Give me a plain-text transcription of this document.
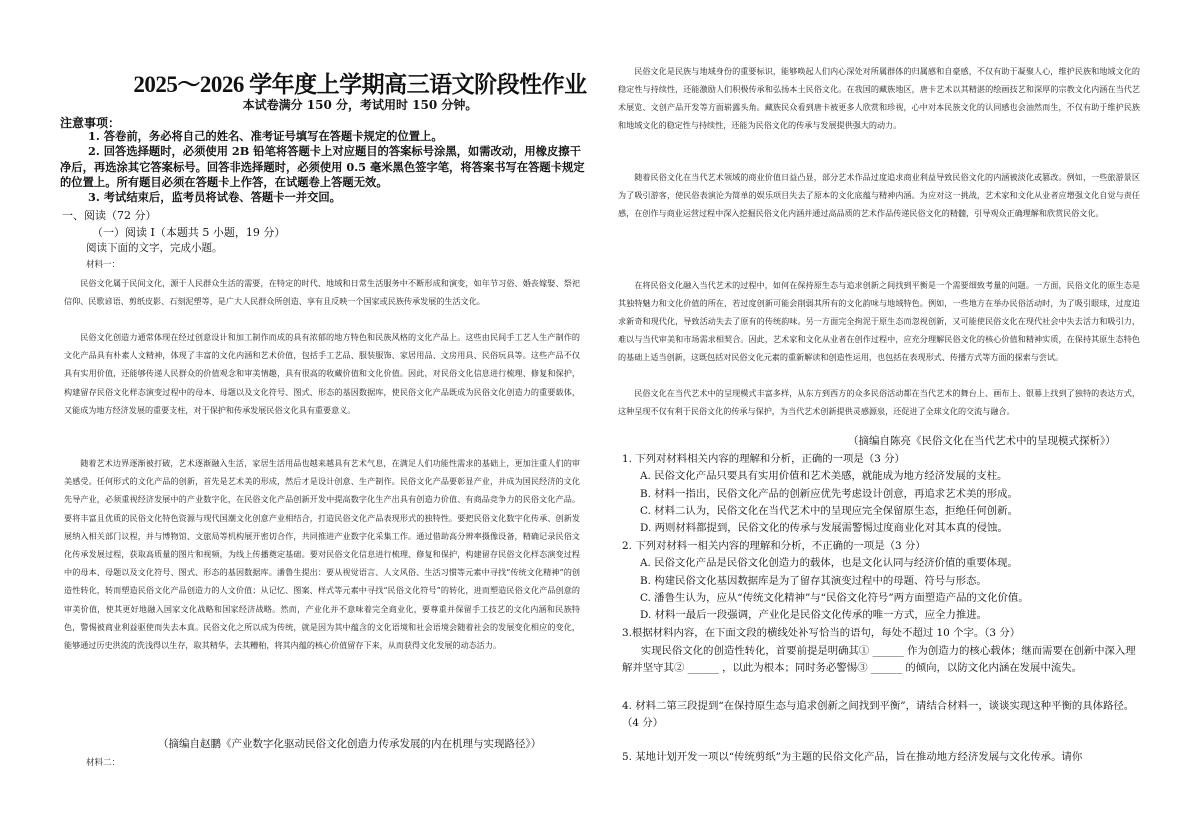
2025～2026 学年度上学期高三语文阶段性作业
本试卷满分 150 分，考试用时 150 分钟。
注意事项：
1. 答卷前，务必将自己的姓名、准考证号填写在答题卡规定的位置上。
2. 回答选择题时，必须使用 2B 铅笔将答题卡上对应题目的答案标号涂黑，如需改动，用橡皮擦干净后，再选涂其它答案标号。回答非选择题时，必须使用 0.5 毫米黑色签字笔，将答案书写在答题卡规定的位置上。所有题目必须在答题卡上作答，在试题卷上答题无效。
3. 考试结束后，监考员将试卷、答题卡一并交回。
一、阅读（72 分）
（一）阅读 I（本题共 5 小题，19 分）
阅读下面的文字，完成小题。
材料一：
民俗文化属于民间文化，源于人民群众生活的需要，在特定的时代、地域和日常生活服务中不断形成和演变，如年节习俗、婚丧嫁娶、祭祀信仰、民歌谚语、剪纸皮影、石刻泥塑等，是广大人民群众所创造、享有且反映一个国家或民族传承发展的生活文化。
民俗文化创造力通常体现在经过创意设计和加工制作而成的具有浓郁的地方特色和民族风格的文化产品上。这些由民间手工艺人生产制作的文化产品具有朴素人文精神，体现了丰富的文化内涵和艺术价值，包括手工艺品、服装服饰、家居用品、文房用具、民俗玩具等。这些产品不仅具有实用价值，还能够传递人民群众的价值观念和审美情趣，具有很高的收藏价值和文化价值。因此，对民俗文化信息进行梳理、修复和保护，构建留存民俗文化样态演变过程中的母本、母题以及文化符号、图式、形态的基因数据库，使民俗文化产品既成为民俗文化创造力的重要载体，又能成为地方经济发展的重要支柱，对于保护和传承发展民俗文化具有重要意义。
随着艺术边界逐渐被打破，艺术逐渐融入生活，家居生活用品也越来越具有艺术气息，在满足人们功能性需求的基础上，更加注重人们的审美感受。任何形式的文化产品的创新，首先是艺术美的形成，然后才是设计创意、生产制作。民俗文化产品要彰显产业，并成为国民经济的文化先导产业，必须重视经济发展中的产业数字化，在民俗文化产品创新开发中提高数字化生产出具有创造力价值、有商品竞争力的民俗文化产品。要将丰富且优质的民俗文化特色资源与现代国潮文化创意产业相结合，打造民俗文化产品表现形式的独特性。要把民俗文化数字化传承、创新发展纳入相关部门议程，并与博物馆、文旅局等机构展开密切合作，共同推进产业数字化采集工作。通过借助高分辨率摄像设备，精确记录民俗文化传承发展过程，获取高质量的图片和视频，为线上传播奠定基础。要对民俗文化信息进行梳理、修复和保护，构建留存民俗文化样态演变过程中的母本、母题以及文化符号、图式、形态的基因数据库。潘鲁生提出：要从视觉语言、人文风俗、生活习惯等元素中寻找“传统文化精神”的创造性转化，转而塑造民俗文化产品创造力的人文价值；从记忆、图案、样式等元素中寻找“民俗文化符号”的转化，进而塑造民俗文化产品创意的审美价值，使其更好地融入国家文化战略和国家经济战略。然而，产业化并不意味着完全商业化，要尊重并保留手工技艺的文化内涵和民族特色，警惕被商业利益驱使而失去本真。民俗文化之所以成为传统，就是因为其中蕴含的文化语境和社会语境会随着社会的发展变化相应的变化，能够通过历史洪流的洗浅得以生存，取其精华，去其糟粕，将其内蕴的核心价值留存下来，从而获得文化发展的动态活力。
（摘编自赵鹏《产业数字化驱动民俗文化创造力传承发展的内在机理与实现路径》）
材料二：
民俗文化是民族与地域身份的重要标识，能够唤起人们内心深处对所属群体的归属感和自豪感，不仅有助于凝聚人心，维护民族和地域文化的稳定性与持续性，还能激励人们积极传承和弘扬本土民俗文化。在我国的藏族地区，唐卡艺术以其精湛的绘画技艺和深厚的宗教文化内涵在当代艺术展览、文创产品开发等方面崭露头角。藏族民众看到唐卡被更多人欣赏和珍视，心中对本民族文化的认同感也会油然而生，不仅有助于维护民族和地域文化的稳定性与持续性，还能为民俗文化的传承与发展提供强大的动力。
随着民俗文化在当代艺术领域的商业价值日益凸显，部分艺术作品过度追求商业利益导致民俗文化的内涵被淡化或篡改。例如，一些旅游景区为了吸引游客，使民俗表演沦为简单的娱乐项目失去了原本的文化底蕴与精神内涵。为应对这一挑战，艺术家和文化从业者应增强文化自觉与责任感，在创作与商业运营过程中深入挖掘民俗文化内涵并通过高品质的艺术作品传递民俗文化的精髓，引导观众正确理解和欣赏民俗文化。
在将民俗文化融入当代艺术的过程中，如何在保持原生态与追求创新之间找到平衡是一个需要细致考量的问题。一方面，民俗文化的原生态是其独特魅力和文化价值的所在，若过度创新可能会削弱其所有的文化韵味与地域特色。例如，一些地方在举办民俗活动时，为了吸引眼球，过度追求新奇和现代化，导致活动失去了原有的传统韵味。另一方面完全拘泥于原生态而忽视创新，又可能使民俗文化在现代社会中失去活力和吸引力，难以与当代审美和市场需求相契合。因此，艺术家和文化从业者在创作过程中，应充分理解民俗文化的核心价值和精神实质，在保持其原生态特色的基础上适当创新，这既包括对民俗文化元素的重新解读和创造性运用，也包括在表现形式、传播方式等方面的探索与尝试。
民俗文化在当代艺术中的呈现模式丰富多样，从东方到西方的众多民俗活动都在当代艺术的舞台上、画布上、银幕上找到了独特的表达方式，这种呈现不仅有利于民俗文化的传承与保护，为当代艺术创新提供灵感源泉，还促进了全球文化的交流与融合。
（摘编自陈亮《民俗文化在当代艺术中的呈现模式探析》）
1. 下列对材料相关内容的理解和分析，正确的一项是（3 分）
A. 民俗文化产品只要具有实用价值和艺术美感，就能成为地方经济发展的支柱。
B. 材料一指出，民俗文化产品的创新应优先考虑设计创意，再追求艺术美的形成。
C. 材料二认为，民俗文化在当代艺术中的呈现应完全保留原生态，拒绝任何创新。
D. 两则材料都提到，民俗文化的传承与发展需警惕过度商业化对其本真的侵蚀。
2. 下列对材料一相关内容的理解和分析，不正确的一项是（3 分）
A. 民俗文化产品是民俗文化创造力的载体，也是文化认同与经济价值的重要体现。
B. 构建民俗文化基因数据库是为了留存其演变过程中的母题、符号与形态。
C. 潘鲁生认为，应从“传统文化精神”与“民俗文化符号”两方面塑造产品的文化价值。
D. 材料一最后一段强调，产业化是民俗文化传承的唯一方式，应全力推进。
3.根据材料内容，在下面文段的横线处补写恰当的语句，每处不超过 10 个字。（3 分）
实现民俗文化的创造性转化，首要前提是明确其① ______ 作为创造力的核心载体；继而需要在创新中深入理解并坚守其② ______ ，以此为根本；同时务必警惕③ ______ 的倾向，以防文化内涵在发展中流失。
4. 材料二第三段提到“在保持原生态与追求创新之间找到平衡”，请结合材料一，谈谈实现这种平衡的具体路径。（4 分）
5. 某地计划开发一项以“传统剪纸”为主题的民俗文化产品，旨在推动地方经济发展与文化传承。请你
